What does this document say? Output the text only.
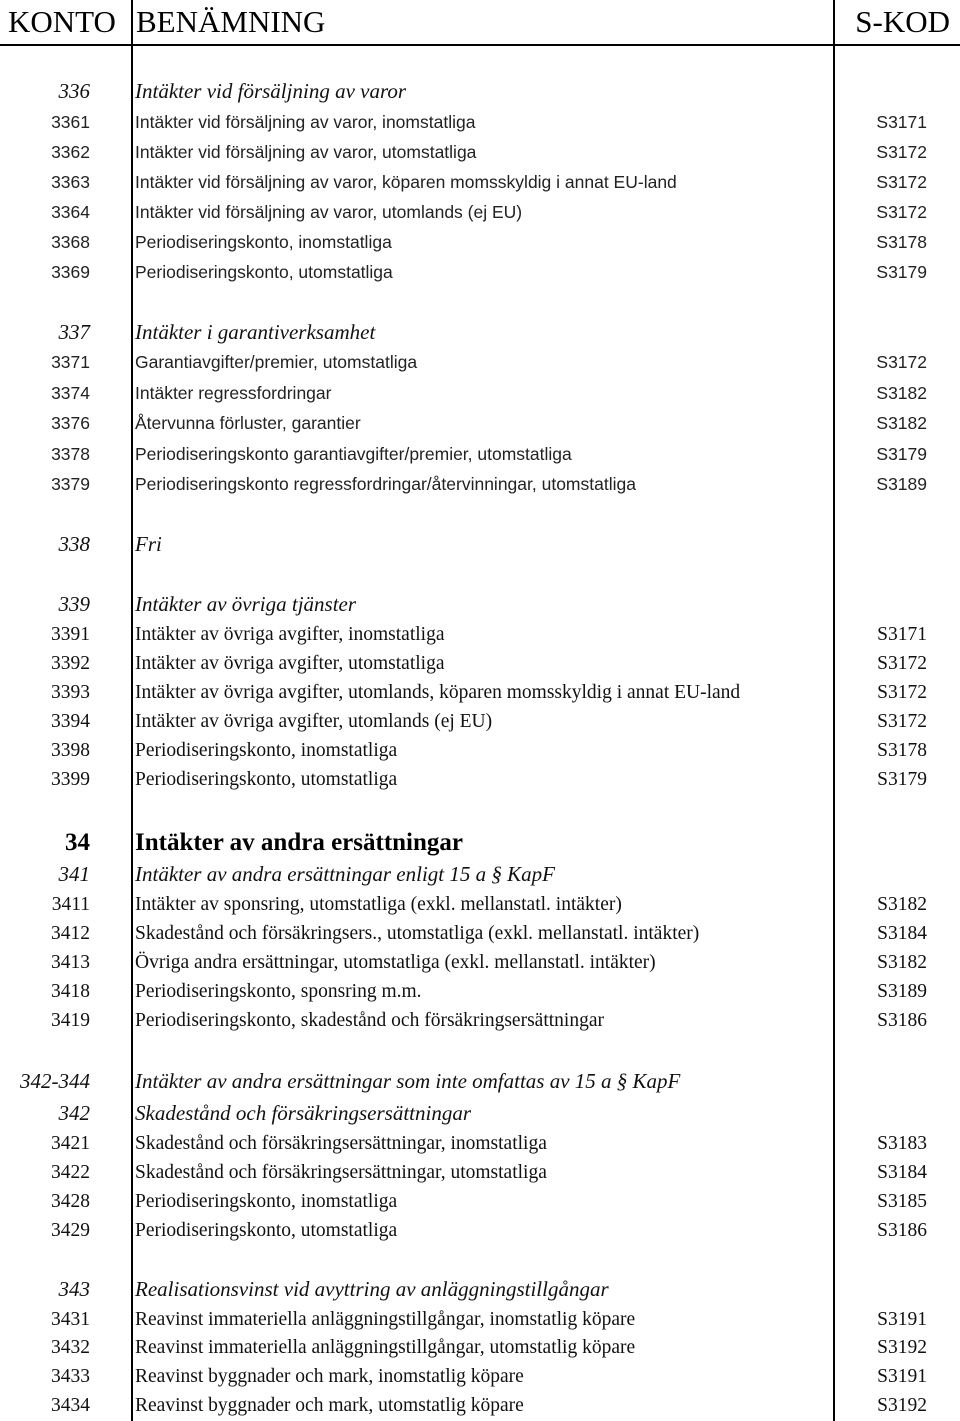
KONTO BENÄMNING	S-KOD
336 Intäkter vid försäljning av varor
3361	Intäkter vid försäljning av varor, inomstatliga	S3171
3362	Intäkter vid försäljning av varor, utomstatliga	S3172
3363	Intäkter vid försäljning av varor, köparen momsskyldig i annat EU-land	S3172
3364	Intäkter vid försäljning av varor, utomlands (ej EU)	S3172
3368	Periodiseringskonto, inomstatliga	S3178
3369	Periodiseringskonto, utomstatliga	S3179
337 Intäkter i garantiverksamhet
3371	Garantiavgifter/premier, utomstatliga	S3172
3374	Intäkter regressfordringar	S3182
3376	Återvunna förluster, garantier	S3182
3378	Periodiseringskonto garantiavgifter/premier, utomstatliga	S3179
3379	Periodiseringskonto regressfordringar/återvinningar, utomstatliga	S3189
338 Fri
339 Intäkter av övriga tjänster
3391 Intäkter av övriga avgifter, inomstatliga	S3171
3392 Intäkter av övriga avgifter, utomstatliga	S3172
3393 Intäkter av övriga avgifter, utomlands, köparen momsskyldig i annat EU-land	S3172
3394 Intäkter av övriga avgifter, utomlands (ej EU)	S3172
3398 Periodiseringskonto, inomstatliga	S3178
3399 Periodiseringskonto, utomstatliga	S3179
34 Intäkter av andra ersättningar
341 Intäkter av andra ersättningar enligt 15 a § KapF
3411 Intäkter av sponsring, utomstatliga (exkl. mellanstatl. intäkter)	S3182
3412 Skadestånd och försäkringsers., utomstatliga (exkl. mellanstatl. intäkter)	S3184
3413 Övriga andra ersättningar, utomstatliga (exkl. mellanstatl. intäkter)	S3182
3418 Periodiseringskonto, sponsring m.m.	S3189
3419 Periodiseringskonto, skadestånd och försäkringsersättningar	S3186
342-344 Intäkter av andra ersättningar som inte omfattas av 15 a § KapF
342 Skadestånd och försäkringsersättningar
3421 Skadestånd och försäkringsersättningar, inomstatliga	S3183
3422 Skadestånd och försäkringsersättningar, utomstatliga	S3184
3428 Periodiseringskonto, inomstatliga	S3185
3429 Periodiseringskonto, utomstatliga	S3186
343 Realisationsvinst vid avyttring av anläggningstillgångar
3431 Reavinst immateriella anläggningstillgångar, inomstatlig köpare	S3191
3432 Reavinst immateriella anläggningstillgångar, utomstatlig köpare	S3192
3433 Reavinst byggnader och mark, inomstatlig köpare	S3191
3434 Reavinst byggnader och mark, utomstatlig köpare	S3192
